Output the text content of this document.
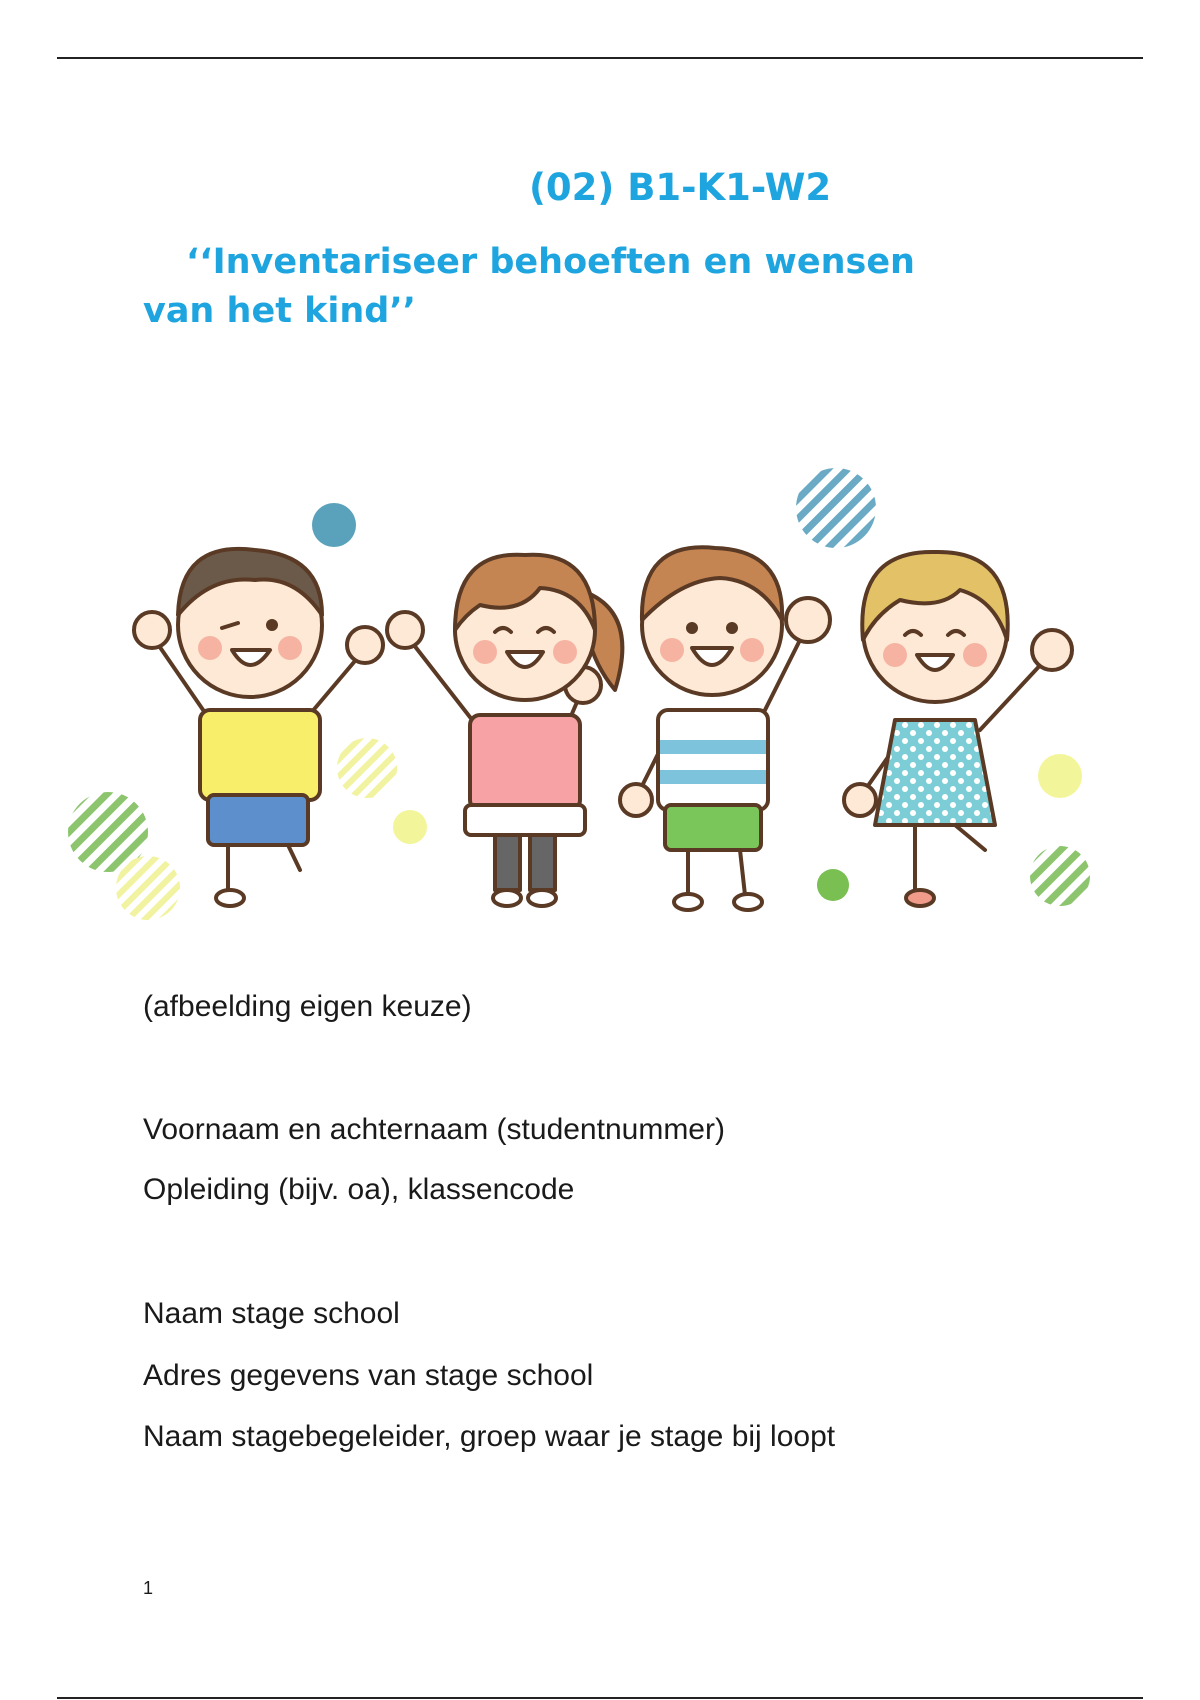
(02) B1-K1-W2
‘‘Inventariseer behoeften en wensen
van het kind’’
(afbeelding eigen keuze)
Voornaam en achternaam (studentnummer)
Opleiding (bijv. oa), klassencode
Naam stage school
Adres gegevens van stage school
Naam stagebegeleider, groep waar je stage bij loopt
1
